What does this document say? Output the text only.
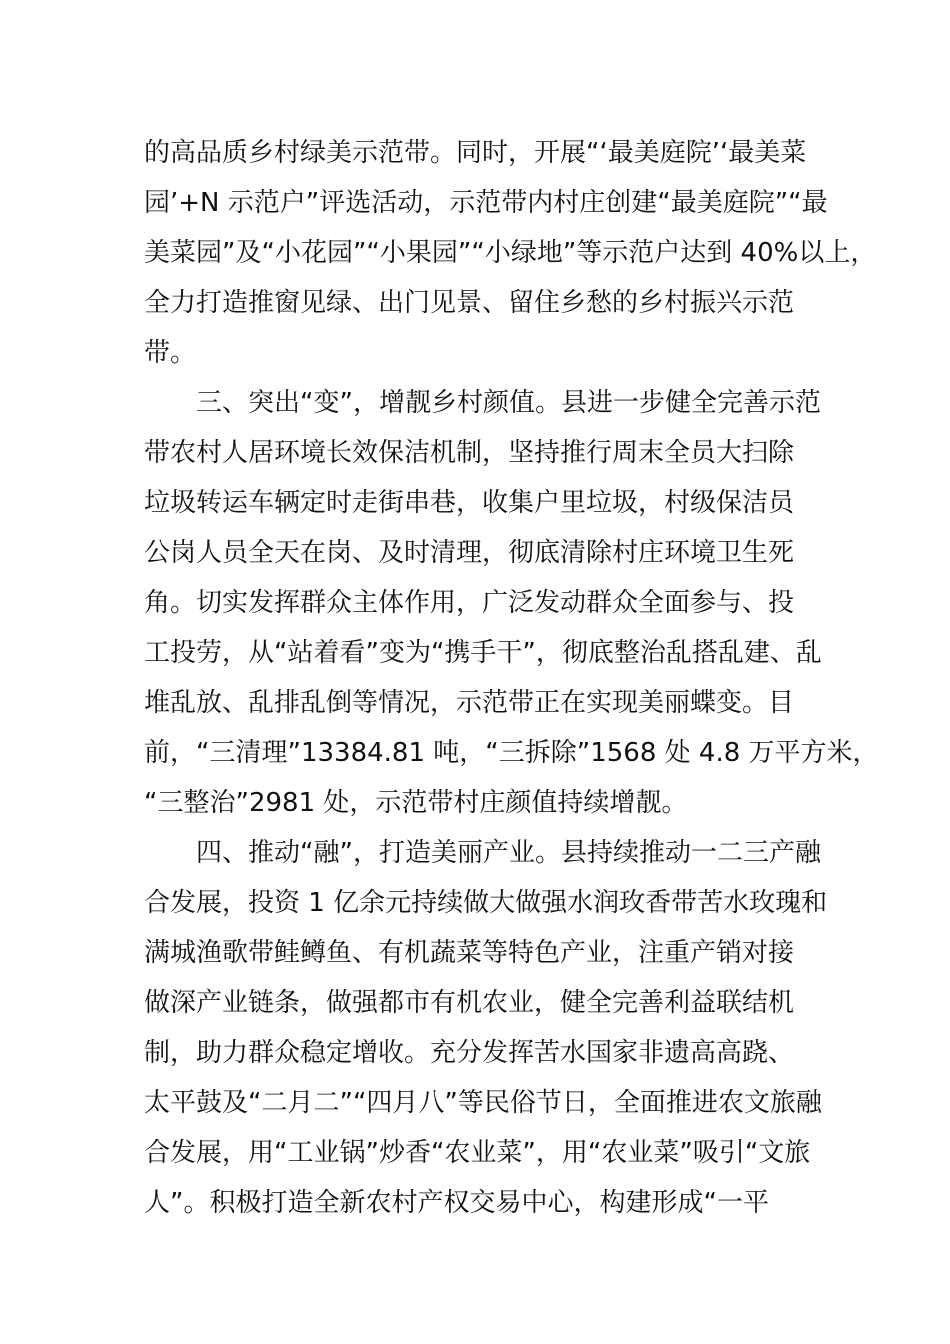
的高品质乡村绿美示范带。同时，开展“‘最美庭院’‘最美菜
园’+N 示范户”评选活动，示范带内村庄创建“最美庭院”“最
美菜园”及“小花园”“小果园”“小绿地”等示范户达到 40%以上，
全力打造推窗见绿、出门见景、留住乡愁的乡村振兴示范
带。
　　三、突出“变”，增靓乡村颜值。县进一步健全完善示范
带农村人居环境长效保洁机制，坚持推行周末全员大扫除
垃圾转运车辆定时走街串巷，收集户里垃圾，村级保洁员
公岗人员全天在岗、及时清理，彻底清除村庄环境卫生死
角。切实发挥群众主体作用，广泛发动群众全面参与、投
工投劳，从“站着看”变为“携手干”，彻底整治乱搭乱建、乱
堆乱放、乱排乱倒等情况，示范带正在实现美丽蝶变。目
前，“三清理”13384.81 吨，“三拆除”1568 处 4.8 万平方米，
“三整治”2981 处，示范带村庄颜值持续增靓。
　　四、推动“融”，打造美丽产业。县持续推动一二三产融
合发展，投资 1 亿余元持续做大做强水润玫香带苦水玫瑰和
满城渔歌带鲑鳟鱼、有机蔬菜等特色产业，注重产销对接
做深产业链条，做强都市有机农业，健全完善利益联结机
制，助力群众稳定增收。充分发挥苦水国家非遗高高跷、
太平鼓及“二月二”“四月八”等民俗节日，全面推进农文旅融
合发展，用“工业锅”炒香“农业菜”，用“农业菜”吸引“文旅
人”。积极打造全新农村产权交易中心，构建形成“一平
